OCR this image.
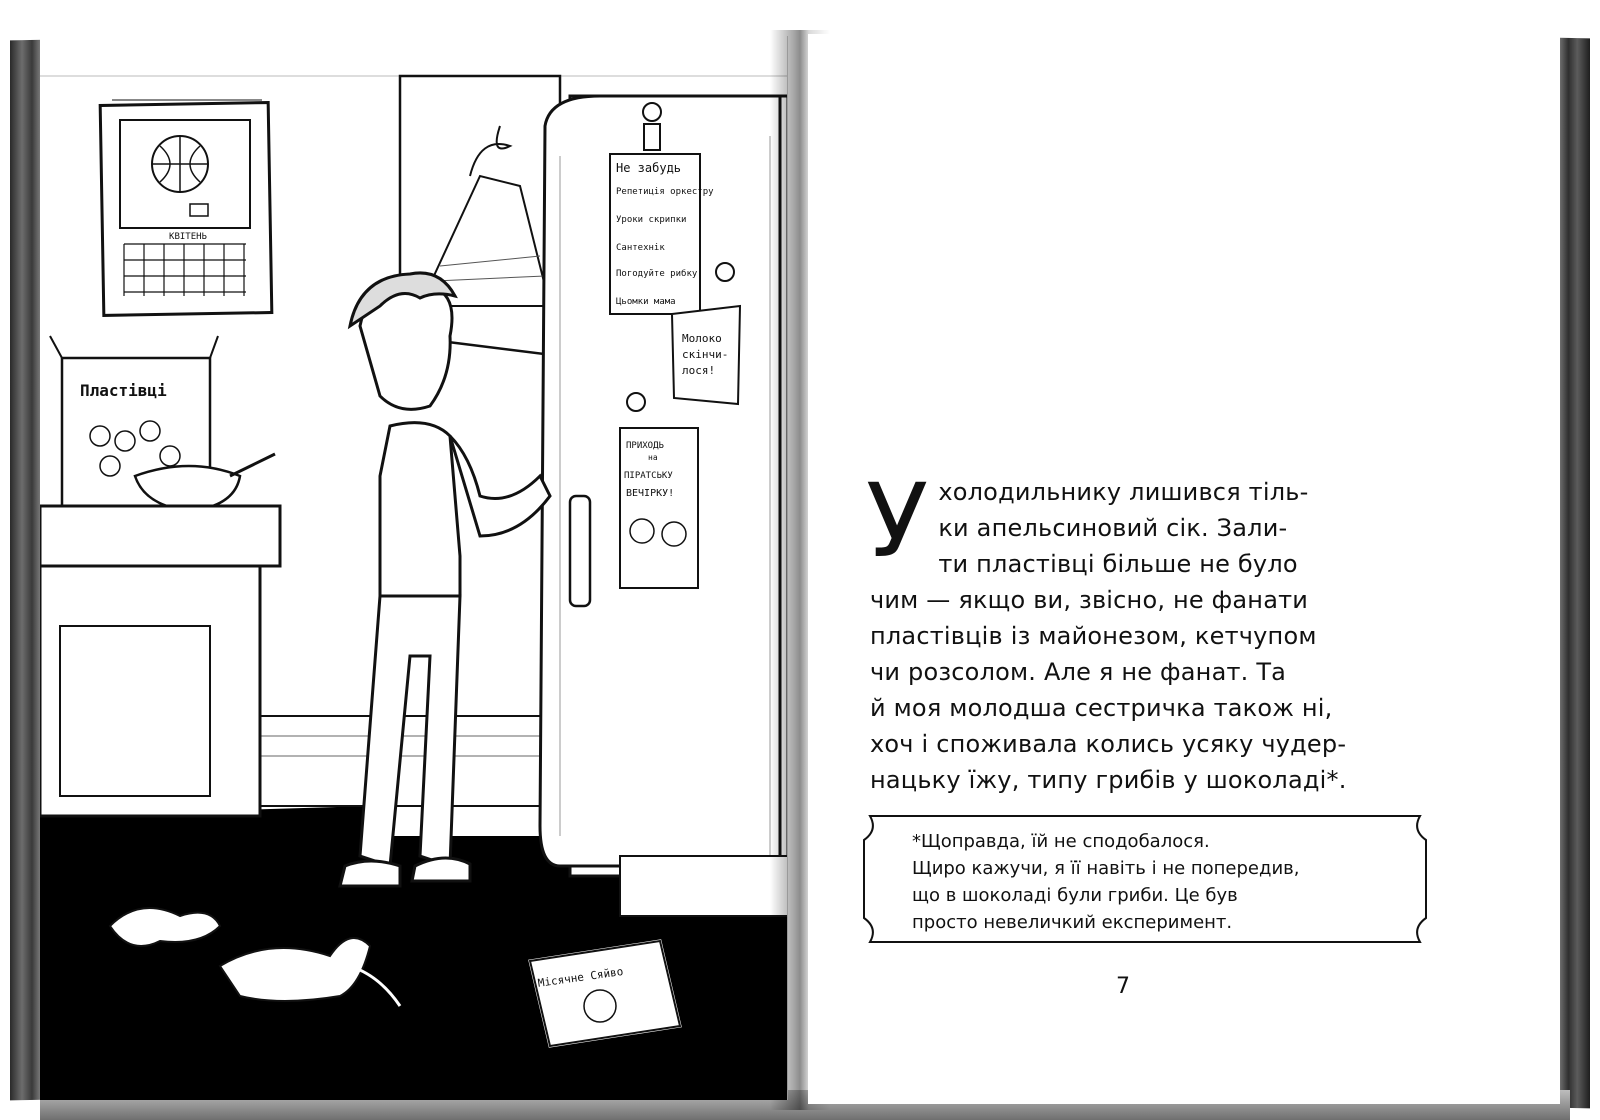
КВІТЕНЬ
Не забудь
Репетиція оркестру
Уроки скрипки
Сантехнік
Погодуйте рибку
Цьомки мама
Молоко
скінчи-
лося!
ПРИХОДЬ
на
ПІРАТСЬКУ
ВЕЧІРКУ!
Пластівці
Місячне Сяйво
У холодильнику лишився тіль-
ки апельсиновий сік. Зали-
ти пластівці більше не було
чим — якщо ви, звісно, не фанати
пластівців із майонезом, кетчупом
чи розсолом. Але я не фанат. Та
й моя молодша сестричка також ні,
хоч і споживала колись усяку чудер-
нацьку їжу, типу грибів у шоколаді*.
*Щоправда, їй не сподобалося.
Щиро кажучи, я її навіть і не попередив,
що в шоколаді були гриби. Це був
просто невеличкий експеримент.
7
